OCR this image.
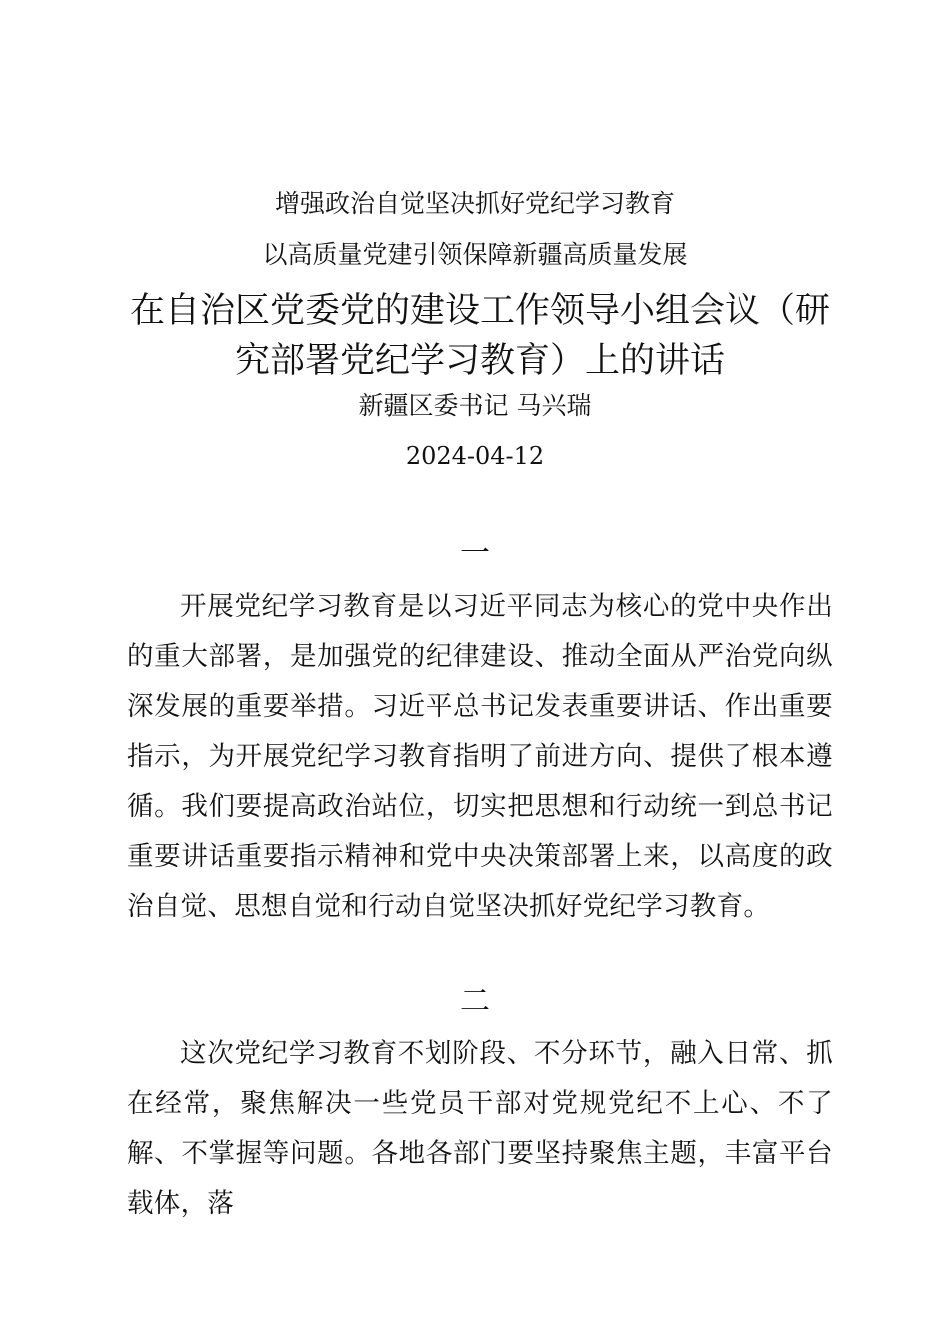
增强政治自觉坚决抓好党纪学习教育
以高质量党建引领保障新疆高质量发展
在自治区党委党的建设工作领导小组会议（研究部署党纪学习教育）上的讲话
新疆区委书记 马兴瑞
2024-04-12
一

开展党纪学习教育是以习近平同志为核心的党中央作出的重大部署，是加强党的纪律建设、推动全面从严治党向纵深发展的重要举措。习近平总书记发表重要讲话、作出重要指示，为开展党纪学习教育指明了前进方向、提供了根本遵循。我们要提高政治站位，切实把思想和行动统一到总书记重要讲话重要指示精神和党中央决策部署上来，以高度的政治自觉、思想自觉和行动自觉坚决抓好党纪学习教育。

二

这次党纪学习教育不划阶段、不分环节，融入日常、抓在经常，聚焦解决一些党员干部对党规党纪不上心、不了解、不掌握等问题。各地各部门要坚持聚焦主题，丰富平台载体，落
